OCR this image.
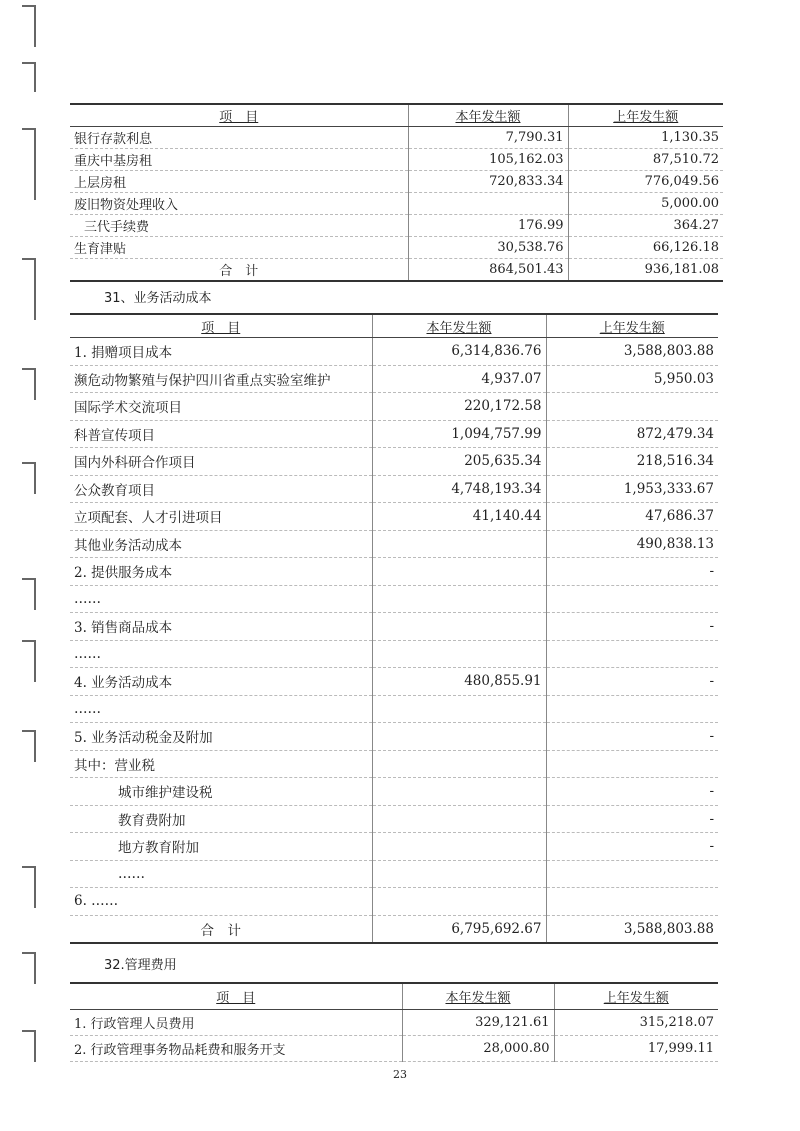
项　目	本年发生额	上年发生额
银行存款利息	7,790.31	1,130.35
重庆中基房租	105,162.03	87,510.72
上层房租	720,833.34	776,049.56
废旧物资处理收入		5,000.00
三代手续费	176.99	364.27
生育津贴	30,538.76	66,126.18
合　计	864,501.43	936,181.08
31、业务活动成本
项　目	本年发生额	上年发生额
1. 捐赠项目成本	6,314,836.76	3,588,803.88
濒危动物繁殖与保护四川省重点实验室维护	4,937.07	5,950.03
国际学术交流项目	220,172.58	
科普宣传项目	1,094,757.99	872,479.34
国内外科研合作项目	205,635.34	218,516.34
公众教育项目	4,748,193.34	1,953,333.67
立项配套、人才引进项目	41,140.44	47,686.37
其他业务活动成本		490,838.13
2. 提供服务成本		-
……		
3. 销售商品成本		-
……		
4. 业务活动成本	480,855.91	-
……		
5. 业务活动税金及附加		-
其中：营业税		
城市维护建设税		-
教育费附加		-
地方教育附加		-
……		
6. ……		
合　计	6,795,692.67	3,588,803.88
32.管理费用
项　目	本年发生额	上年发生额
1. 行政管理人员费用	329,121.61	315,218.07
2. 行政管理事务物品耗费和服务开支	28,000.80	17,999.11
23
